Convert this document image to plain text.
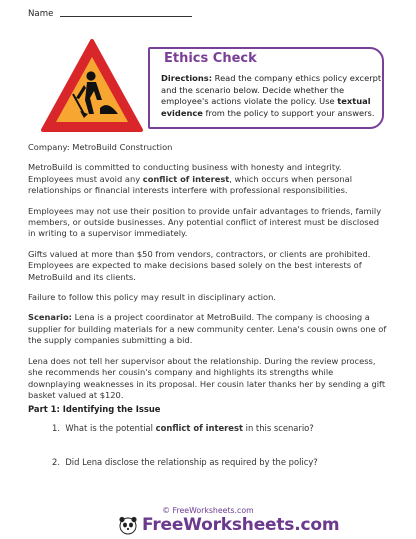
Name
Ethics Check
Directions: Read the company ethics policy excerpt and the scenario below. Decide whether the employee's actions violate the policy. Use textual evidence from the policy to support your answers.

Company: MetroBuild Construction

MetroBuild is committed to conducting business with honesty and integrity. Employees must avoid any conflict of interest, which occurs when personal relationships or financial interests interfere with professional responsibilities.

Employees may not use their position to provide unfair advantages to friends, family members, or outside businesses. Any potential conflict of interest must be disclosed in writing to a supervisor immediately.

Gifts valued at more than $50 from vendors, contractors, or clients are prohibited. Employees are expected to make decisions based solely on the best interests of MetroBuild and its clients.

Failure to follow this policy may result in disciplinary action.

Scenario: Lena is a project coordinator at MetroBuild. The company is choosing a supplier for building materials for a new community center. Lena's cousin owns one of the supply companies submitting a bid.

Lena does not tell her supervisor about the relationship. During the review process, she recommends her cousin's company and highlights its strengths while downplaying weaknesses in its proposal. Her cousin later thanks her by sending a gift basket valued at $120.

Part 1: Identifying the Issue
1. What is the potential conflict of interest in this scenario?
2. Did Lena disclose the relationship as required by the policy?
© FreeWorksheets.com
FreeWorksheets.com
